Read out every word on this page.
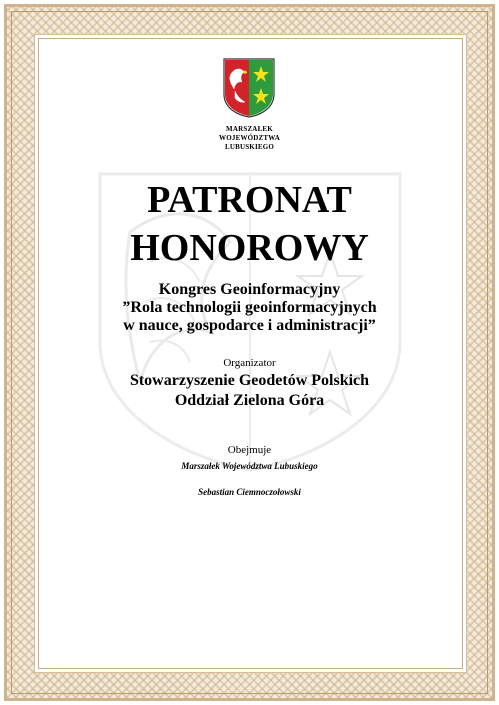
MARSZAŁEK
WOJEWÓDZTWA
LUBUSKIEGO
PATRONAT
HONOROWY
Kongres Geoinformacyjny
”Rola technologii geoinformacyjnych
w nauce, gospodarce i administracji”
Organizator
Stowarzyszenie Geodetów Polskich
Oddział Zielona Góra
Obejmuje
Marszałek Województwa Lubuskiego
Sebastian Ciemnoczołowski
